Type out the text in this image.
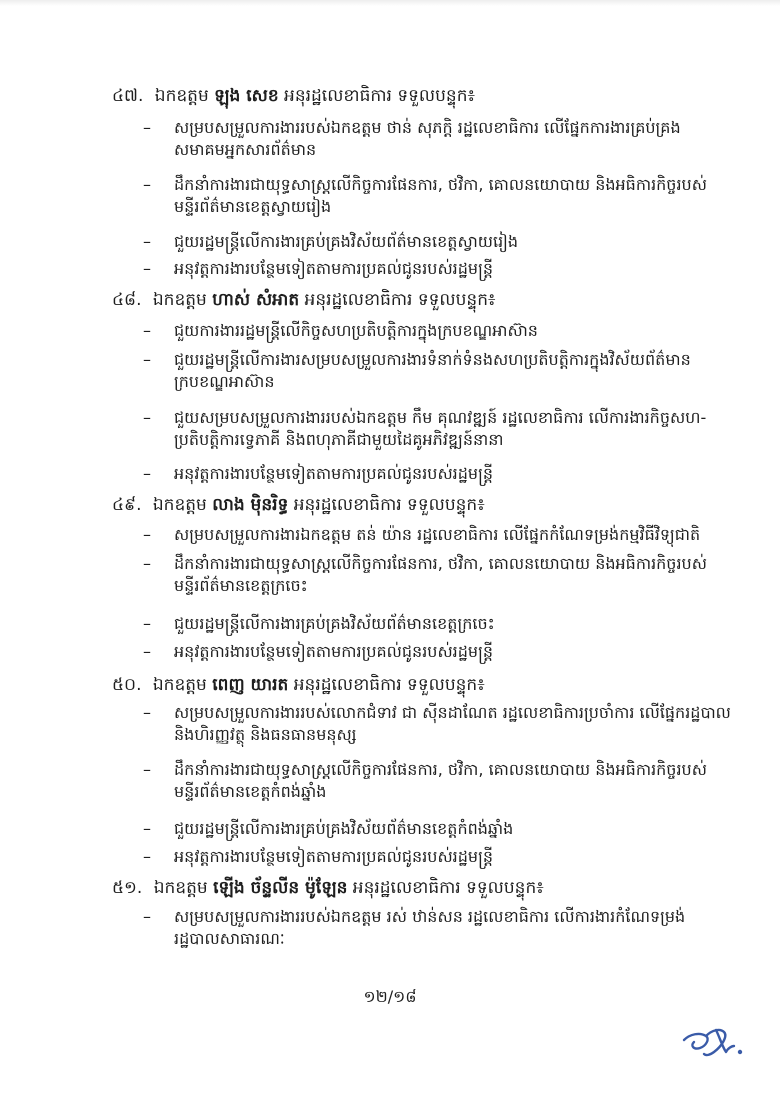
៤៧. ឯកឧត្តម ឡុង សេខ អនុរដ្ឋលេខាធិការ ទទួលបន្ទុក៖
– សម្របសម្រួលការងាររបស់ឯកឧត្តម ថាន់ សុភក្តិ រដ្ឋលេខាធិការ លើផ្នែកការងារគ្រប់គ្រង
សមាគមអ្នកសារព័ត៌មាន
– ដឹកនាំការងារជាយុទ្ធសាស្ត្រលើកិច្ចការផែនការ, ថវិកា, គោលនយោបាយ និងអធិការកិច្ចរបស់
មន្ទីរព័ត៌មានខេត្តស្វាយរៀង
– ជួយរដ្ឋមន្ត្រីលើការងារគ្រប់គ្រងវិស័យព័ត៌មានខេត្តស្វាយរៀង
– អនុវត្តការងារបន្ថែមទៀតតាមការប្រគល់ជូនរបស់រដ្ឋមន្ត្រី
៤៨. ឯកឧត្តម ហាស់ សំអាត អនុរដ្ឋលេខាធិការ ទទួលបន្ទុក៖
– ជួយការងាររដ្ឋមន្ត្រីលើកិច្ចសហប្រតិបត្តិការក្នុងក្របខណ្ឌអាស៊ាន
– ជួយរដ្ឋមន្ត្រីលើការងារសម្របសម្រួលការងារទំនាក់ទំនងសហប្រតិបត្តិការក្នុងវិស័យព័ត៌មាន
ក្របខណ្ឌអាស៊ាន
– ជួយសម្របសម្រួលការងាររបស់ឯកឧត្តម កឹម គុណវឌ្ឍន៍ រដ្ឋលេខាធិការ លើការងារកិច្ចសហ-
ប្រតិបត្តិការទ្វេភាគី និងពហុភាគីជាមួយដៃគូអភិវឌ្ឍន៍នានា
– អនុវត្តការងារបន្ថែមទៀតតាមការប្រគល់ជូនរបស់រដ្ឋមន្ត្រី
៤៩. ឯកឧត្តម លាង ម៉ិនរិទ្ធ អនុរដ្ឋលេខាធិការ ទទួលបន្ទុក៖
– សម្របសម្រួលការងារឯកឧត្តម តន់ យ៉ាន រដ្ឋលេខាធិការ លើផ្នែកកំណែទម្រង់កម្មវិធីវិទ្យុជាតិ
– ដឹកនាំការងារជាយុទ្ធសាស្ត្រលើកិច្ចការផែនការ, ថវិកា, គោលនយោបាយ និងអធិការកិច្ចរបស់
មន្ទីរព័ត៌មានខេត្តក្រចេះ
– ជួយរដ្ឋមន្ត្រីលើការងារគ្រប់គ្រងវិស័យព័ត៌មានខេត្តក្រចេះ
– អនុវត្តការងារបន្ថែមទៀតតាមការប្រគល់ជូនរបស់រដ្ឋមន្ត្រី
៥០. ឯកឧត្តម ពេញ យារត អនុរដ្ឋលេខាធិការ ទទួលបន្ទុក៖
– សម្របសម្រួលការងាររបស់លោកជំទាវ ជា ស៊ីនដាណែត រដ្ឋលេខាធិការប្រចាំការ លើផ្នែករដ្ឋបាល
និងហិរញ្ញវត្ថុ និងធនធានមនុស្ស
– ដឹកនាំការងារជាយុទ្ធសាស្ត្រលើកិច្ចការផែនការ, ថវិកា, គោលនយោបាយ និងអធិការកិច្ចរបស់
មន្ទីរព័ត៌មានខេត្តកំពង់ឆ្នាំង
– ជួយរដ្ឋមន្ត្រីលើការងារគ្រប់គ្រងវិស័យព័ត៌មានខេត្តកំពង់ឆ្នាំង
– អនុវត្តការងារបន្ថែមទៀតតាមការប្រគល់ជូនរបស់រដ្ឋមន្ត្រី
៥១. ឯកឧត្តម ឡើង ច័ន្ទលីន ម៉ូឡែន អនុរដ្ឋលេខាធិការ ទទួលបន្ទុក៖
– សម្របសម្រួលការងាររបស់ឯកឧត្តម រស់ ឋាន់សន រដ្ឋលេខាធិការ លើការងារកំណែទម្រង់
រដ្ឋបាលសាធារណៈ
១២/១៨
